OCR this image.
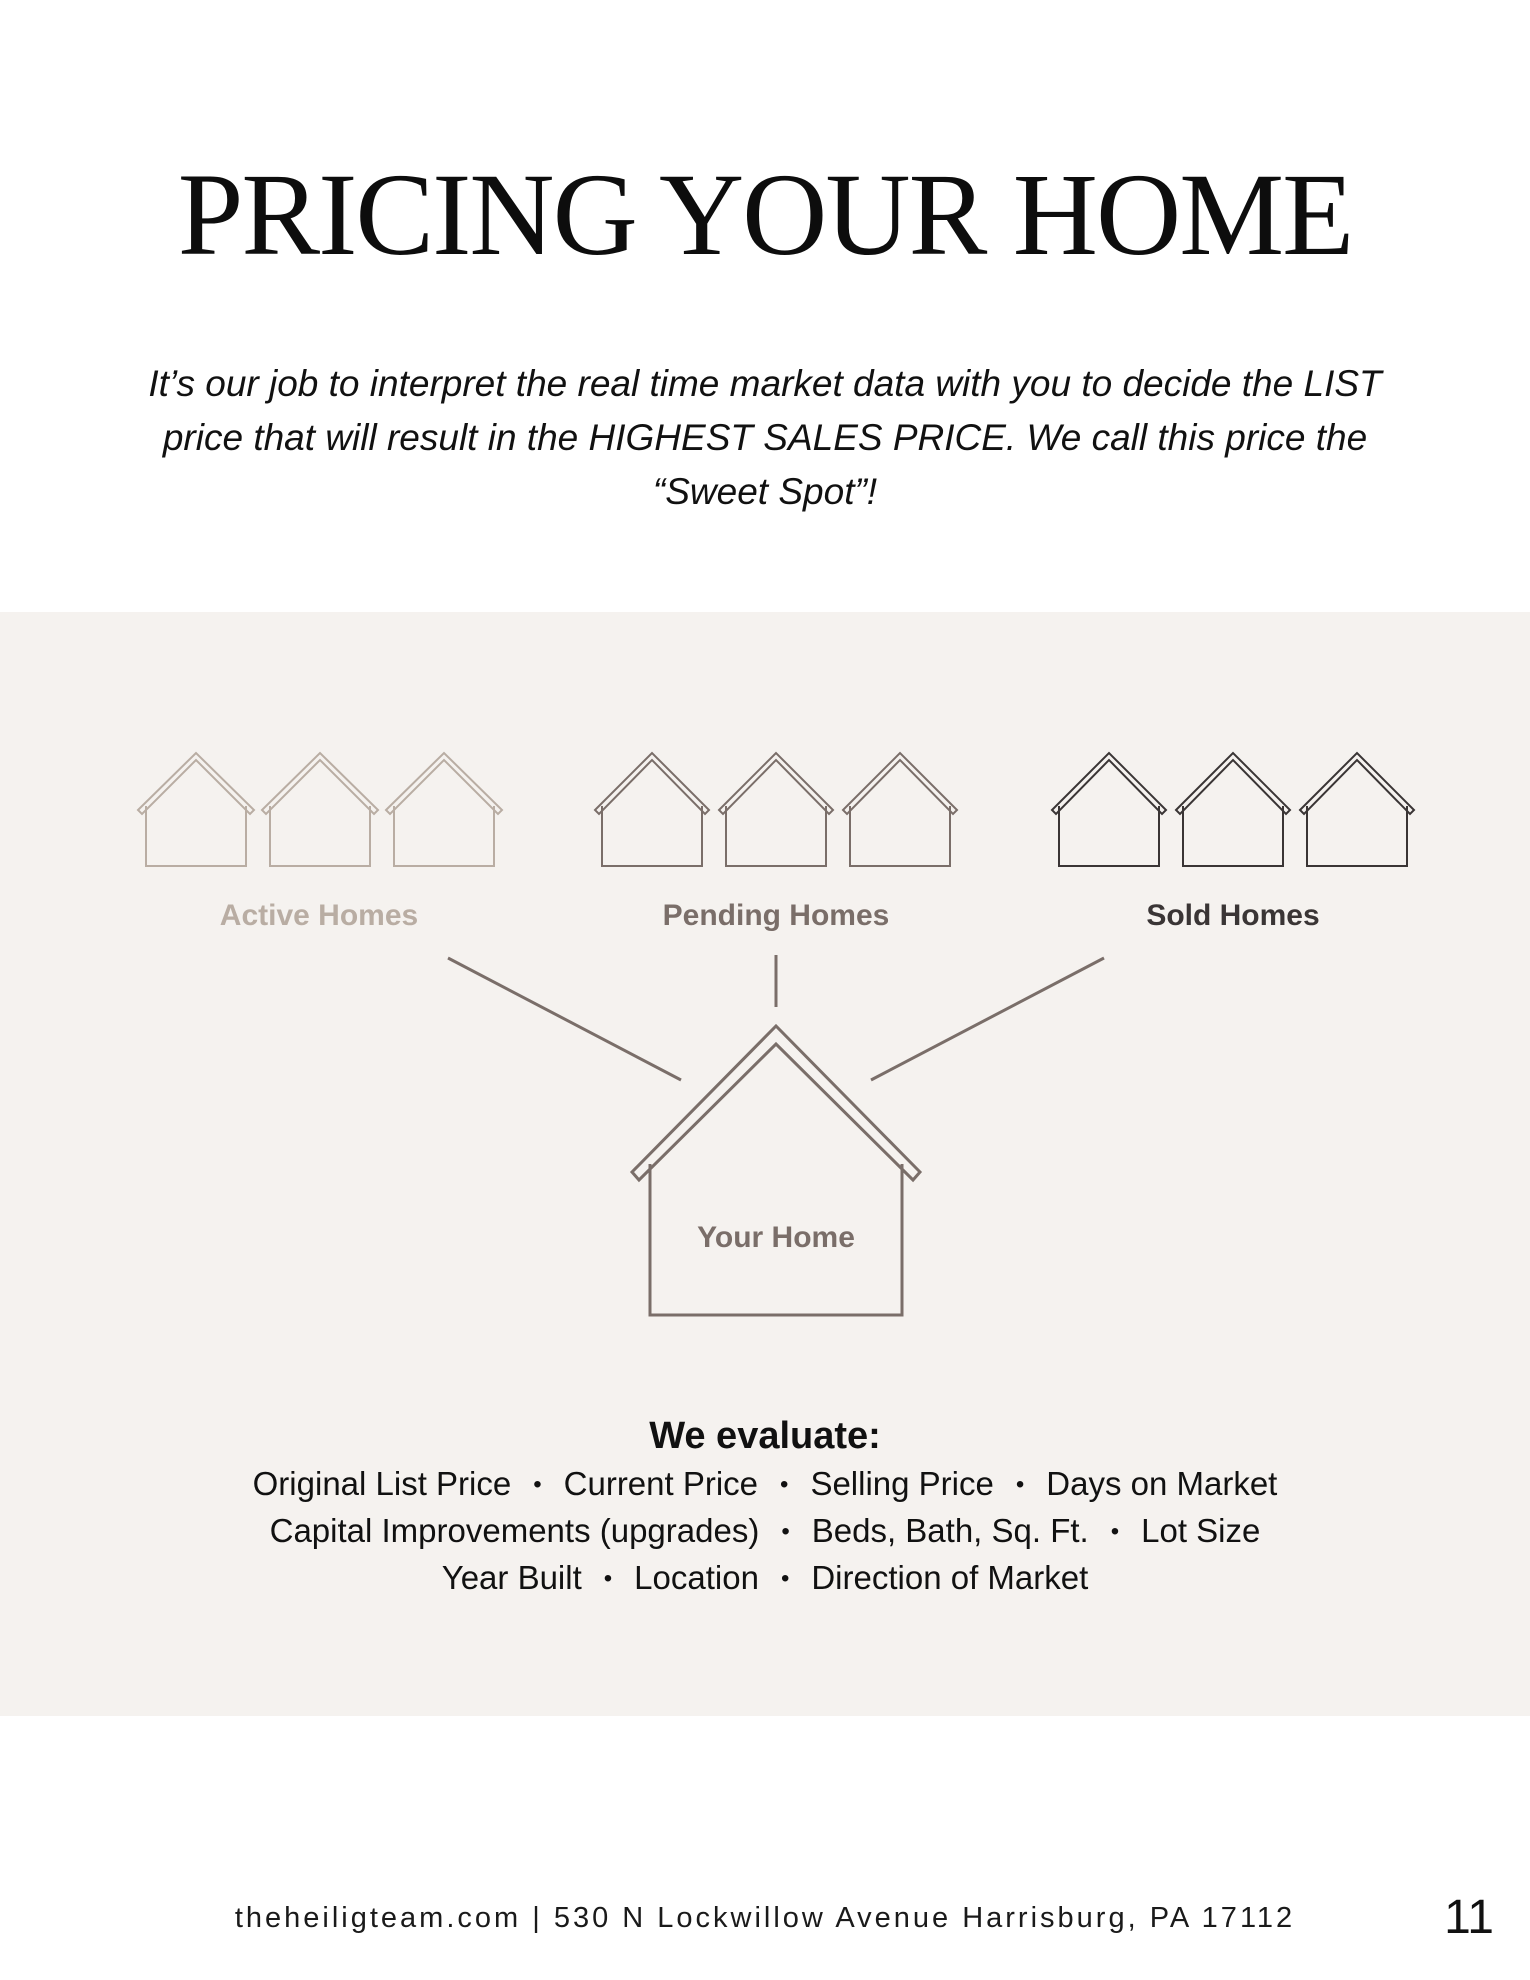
PRICING YOUR HOME

It’s our job to interpret the real time market data with you to decide the LIST price that will result in the HIGHEST SALES PRICE. We call this price the “Sweet Spot”!

Active Homes	Pending Homes	Sold Homes
Your Home
We evaluate:
Original List Price • Current Price • Selling Price • Days on Market
Capital Improvements (upgrades) • Beds, Bath, Sq. Ft. • Lot Size
Year Built • Location • Direction of Market
theheiligteam.com | 530 N Lockwillow Avenue Harrisburg, PA 17112	11
